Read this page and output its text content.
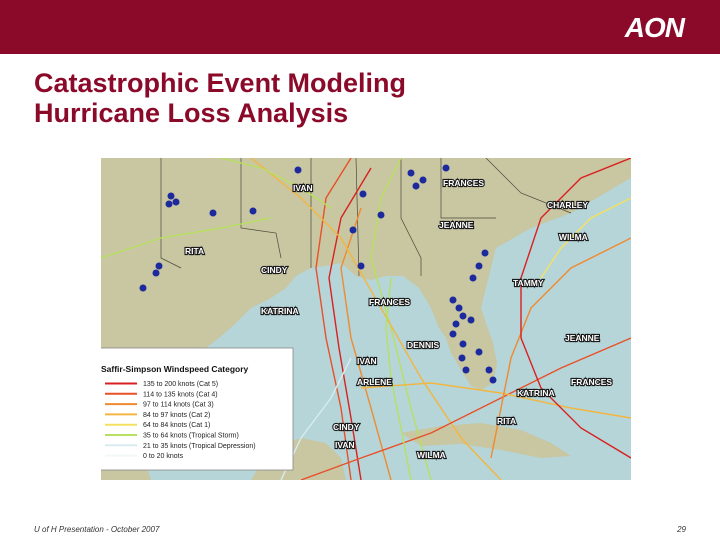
AON
Catastrophic Event Modeling
Hurricane Loss Analysis
IVAN	FRANCES
CHARLEY
JEANNE
WILMA
RITA
CINDY
TAMMY
FRANCES
KATRINA
JEANNE
DENNIS
IVAN
ARLENE	FRANCES
KATRINA
RITA
CINDY
IVAN
WILMA
Saffir-Simpson Windspeed Category
135 to 200 knots (Cat 5)
114 to 135 knots (Cat 4)
97 to 114 knots (Cat 3)
84 to 97 knots (Cat 2)
64 to 84 knots (Cat 1)
35 to 64 knots (Tropical Storm)
21 to 35 knots (Tropical Depression)
0 to 20 knots
U of H Presentation - October 2007	29
